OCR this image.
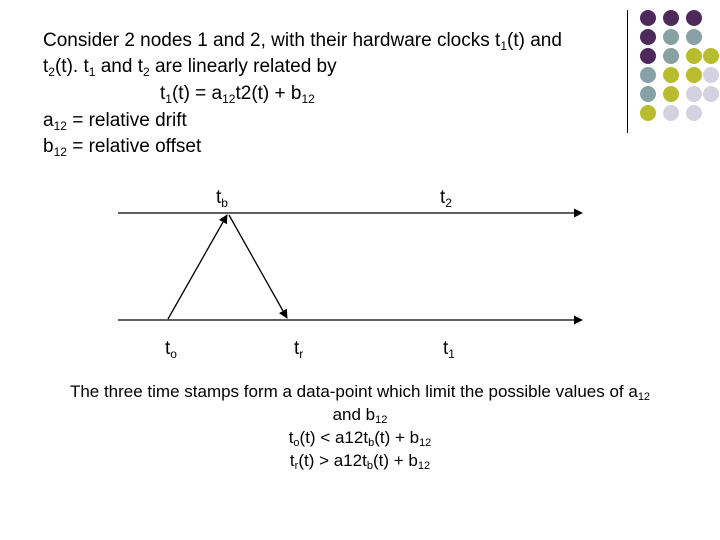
Consider 2 nodes 1 and 2, with their hardware clocks $t_1(t)$ and
$t_2(t)$. $t_1$ and $t_2$ are linearly related by
$t_1(t) = a_{12}t2(t) + b_{12}$
$a_{12}$ = relative drift
$b_{12}$ = relative offset
$t_b$	$t_2$
$t_o$	$t_r$	$t_1$
The three time stamps form a data-point which limit the possible values of $a_{12}$
and $b_{12}$
$t_o(t) < a12t_b(t) + b_{12}$
$t_r(t) > a12t_b(t) + b_{12}$
